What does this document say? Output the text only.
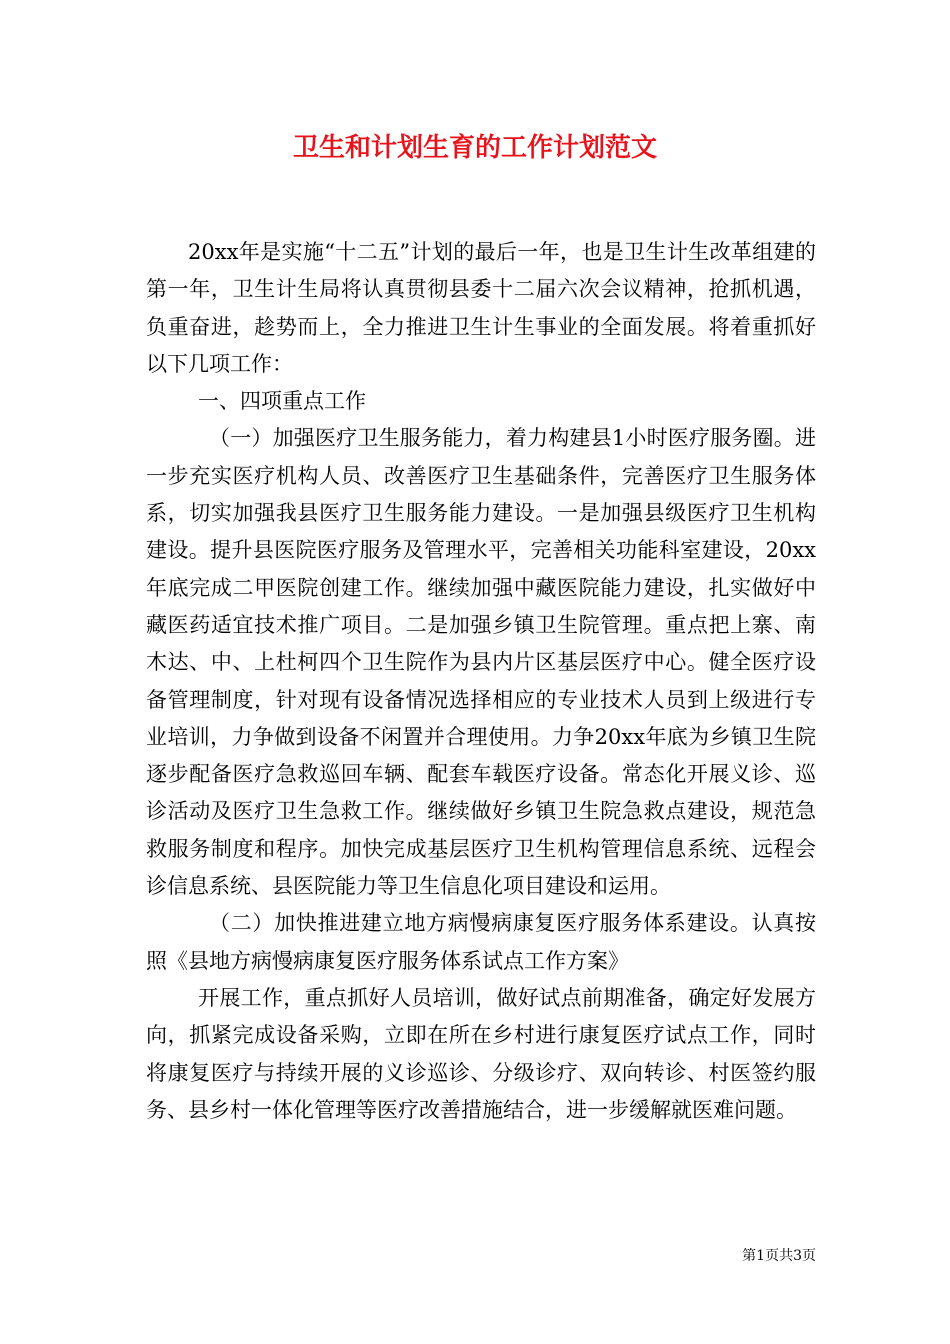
卫生和计划生育的工作计划范文

20xx年是实施“十二五”计划的最后一年，也是卫生计生改革组建的第一年，卫生计生局将认真贯彻县委十二届六次会议精神，抢抓机遇，负重奋进，趁势而上，全力推进卫生计生事业的全面发展。将着重抓好以下几项工作：

一、四项重点工作

（一）加强医疗卫生服务能力，着力构建县1小时医疗服务圈。进一步充实医疗机构人员、改善医疗卫生基础条件，完善医疗卫生服务体系，切实加强我县医疗卫生服务能力建设。一是加强县级医疗卫生机构建设。提升县医院医疗服务及管理水平，完善相关功能科室建设，20xx年底完成二甲医院创建工作。继续加强中藏医院能力建设，扎实做好中藏医药适宜技术推广项目。二是加强乡镇卫生院管理。重点把上寨、南木达、中、上杜柯四个卫生院作为县内片区基层医疗中心。健全医疗设备管理制度，针对现有设备情况选择相应的专业技术人员到上级进行专业培训，力争做到设备不闲置并合理使用。力争20xx年底为乡镇卫生院逐步配备医疗急救巡回车辆、配套车载医疗设备。常态化开展义诊、巡诊活动及医疗卫生急救工作。继续做好乡镇卫生院急救点建设，规范急救服务制度和程序。加快完成基层医疗卫生机构管理信息系统、远程会诊信息系统、县医院能力等卫生信息化项目建设和运用。

（二）加快推进建立地方病慢病康复医疗服务体系建设。认真按照《县地方病慢病康复医疗服务体系试点工作方案》

开展工作，重点抓好人员培训，做好试点前期准备，确定好发展方向，抓紧完成设备采购，立即在所在乡村进行康复医疗试点工作，同时将康复医疗与持续开展的义诊巡诊、分级诊疗、双向转诊、村医签约服务、县乡村一体化管理等医疗改善措施结合，进一步缓解就医难问题。

第1页共3页
